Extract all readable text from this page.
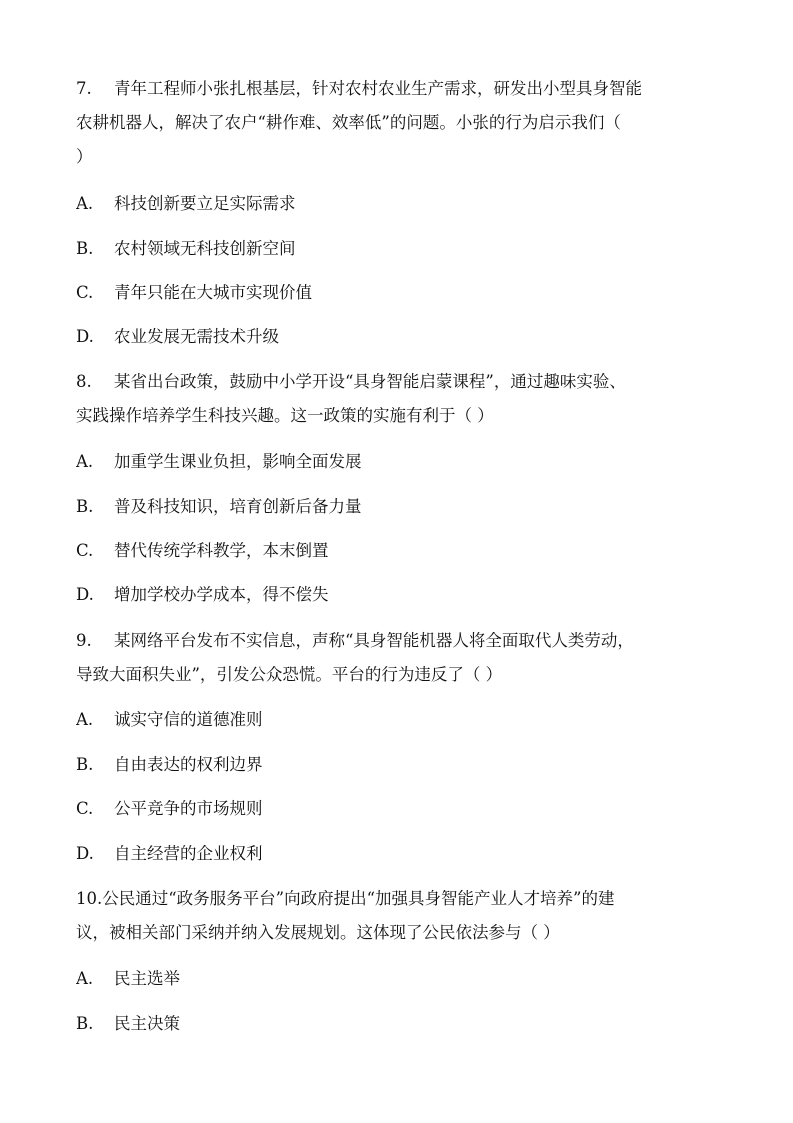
7. 青年工程师小张扎根基层，针对农村农业生产需求，研发出小型具身智能
农耕机器人，解决了农户“耕作难、效率低”的问题。小张的行为启示我们（
）
A. 科技创新要立足实际需求
B. 农村领域无科技创新空间
C. 青年只能在大城市实现价值
D. 农业发展无需技术升级
8. 某省出台政策，鼓励中小学开设“具身智能启蒙课程”，通过趣味实验、
实践操作培养学生科技兴趣。这一政策的实施有利于（ ）
A. 加重学生课业负担，影响全面发展
B. 普及科技知识，培育创新后备力量
C. 替代传统学科教学，本末倒置
D. 增加学校办学成本，得不偿失
9. 某网络平台发布不实信息，声称“具身智能机器人将全面取代人类劳动，
导致大面积失业”，引发公众恐慌。平台的行为违反了（ ）
A. 诚实守信的道德准则
B. 自由表达的权利边界
C. 公平竞争的市场规则
D. 自主经营的企业权利
10.公民通过“政务服务平台”向政府提出“加强具身智能产业人才培养”的建
议，被相关部门采纳并纳入发展规划。这体现了公民依法参与（ ）
A. 民主选举
B. 民主决策
